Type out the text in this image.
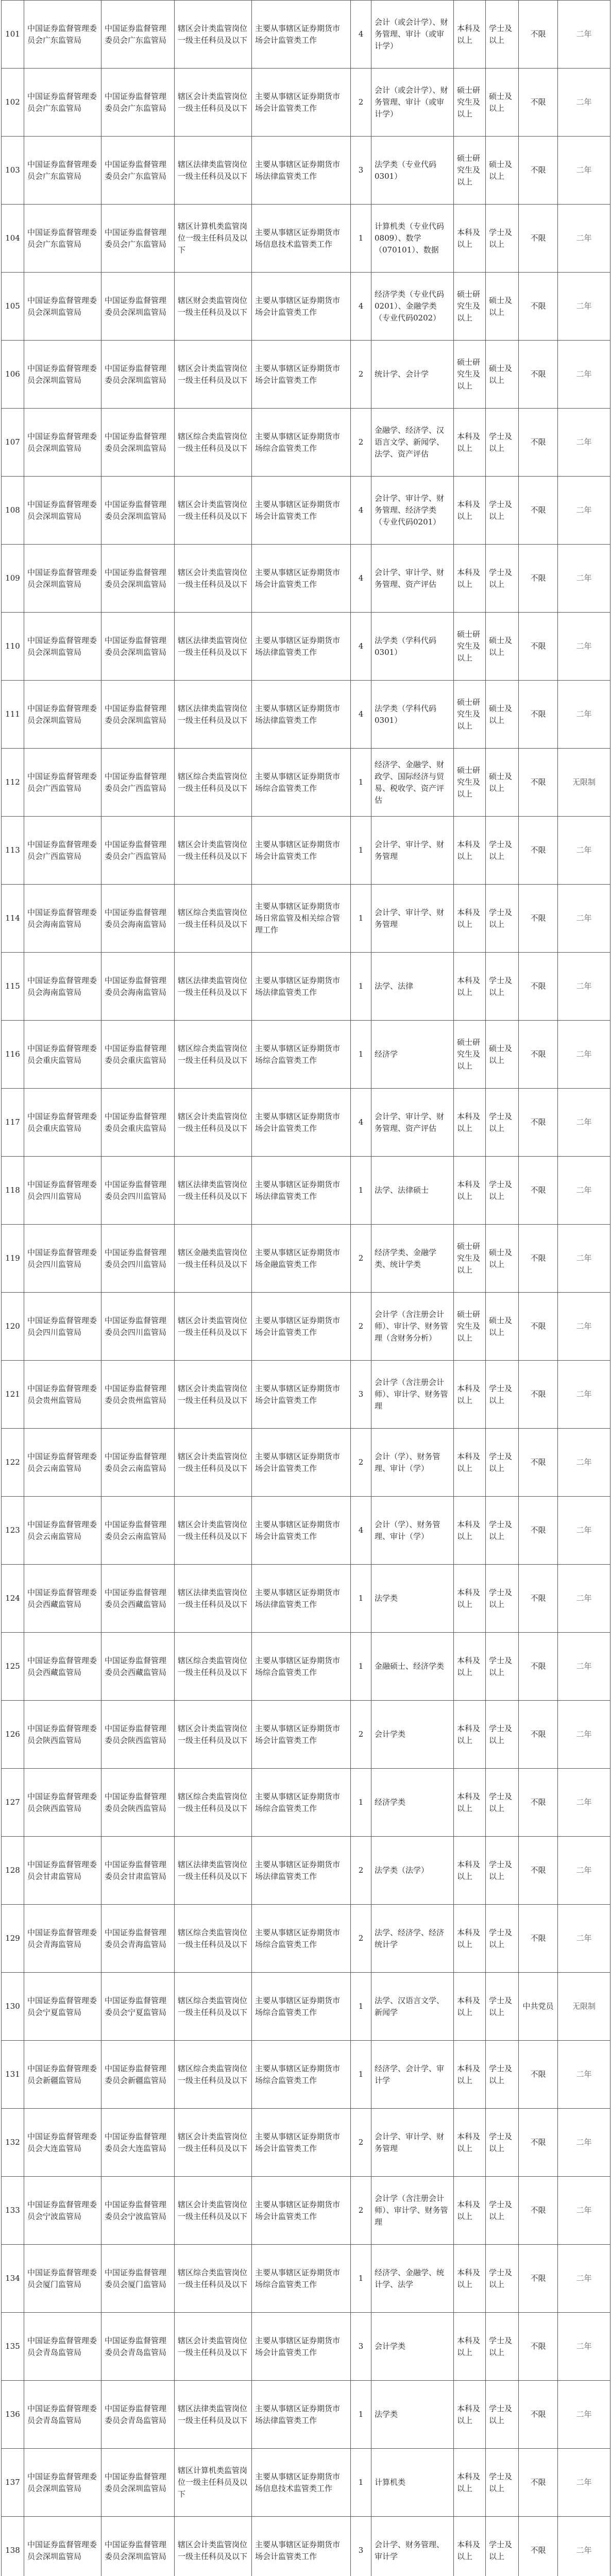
101	中国证券监督管理委员会广东监管局	中国证券监督管理委员会广东监管局	辖区会计类监管岗位一级主任科员及以下	主要从事辖区证券期货市场会计监管类工作	4	会计（或会计学）、财务管理、审计（或审计学）	本科及以上	学士及以上	不限	二年
102	中国证券监督管理委员会广东监管局	中国证券监督管理委员会广东监管局	辖区会计类监管岗位一级主任科员及以下	主要从事辖区证券期货市场会计监管类工作	2	会计（或会计学）、财务管理、审计（或审计学）	硕士研究生及以上	硕士及以上	不限	二年
103	中国证券监督管理委员会广东监管局	中国证券监督管理委员会广东监管局	辖区法律类监管岗位一级主任科员及以下	主要从事辖区证券期货市场法律监管类工作	3	法学类（专业代码0301）	硕士研究生及以上	硕士及以上	不限	二年
104	中国证券监督管理委员会广东监管局	中国证券监督管理委员会广东监管局	辖区计算机类监管岗位一级主任科员及以下	主要从事辖区证券期货市场信息技术监管类工作	1	计算机类（专业代码0809）、数学（070101）、数据	本科及以上	学士及以上	不限	二年
105	中国证券监督管理委员会深圳监管局	中国证券监督管理委员会深圳监管局	辖区财会类监管岗位一级主任科员及以下	主要从事辖区证券期货市场会计监管类工作	4	经济学类（专业代码0201）、金融学类（专业代码0202）	硕士研究生及以上	硕士及以上	不限	二年
106	中国证券监督管理委员会深圳监管局	中国证券监督管理委员会深圳监管局	辖区会计类监管岗位一级主任科员及以下	主要从事辖区证券期货市场会计监管类工作	2	统计学、会计学	硕士研究生及以上	硕士及以上	不限	二年
107	中国证券监督管理委员会深圳监管局	中国证券监督管理委员会深圳监管局	辖区综合类监管岗位一级主任科员及以下	主要从事辖区证券期货市场综合监管类工作	2	金融学、经济学、汉语言文学、新闻学、法学、资产评估	本科及以上	学士及以上	不限	二年
108	中国证券监督管理委员会深圳监管局	中国证券监督管理委员会深圳监管局	辖区会计类监管岗位一级主任科员及以下	主要从事辖区证券期货市场会计监管类工作	4	会计学、审计学、财务管理、经济学类（专业代码0201）	本科及以上	学士及以上	不限	二年
109	中国证券监督管理委员会深圳监管局	中国证券监督管理委员会深圳监管局	辖区会计类监管岗位一级主任科员及以下	主要从事辖区证券期货市场会计监管类工作	4	会计学、审计学、财务管理、资产评估	本科及以上	学士及以上	不限	二年
110	中国证券监督管理委员会深圳监管局	中国证券监督管理委员会深圳监管局	辖区法律类监管岗位一级主任科员及以下	主要从事辖区证券期货市场法律监管类工作	4	法学类（学科代码0301）	硕士研究生及以上	硕士及以上	不限	二年
111	中国证券监督管理委员会深圳监管局	中国证券监督管理委员会深圳监管局	辖区法律类监管岗位一级主任科员及以下	主要从事辖区证券期货市场法律监管类工作	4	法学类（学科代码0301）	硕士研究生及以上	硕士及以上	不限	二年
112	中国证券监督管理委员会广西监管局	中国证券监督管理委员会广西监管局	辖区综合类监管岗位一级主任科员及以下	主要从事辖区证券期货市场综合监管类工作	1	经济学、金融学、财政学、国际经济与贸易、税收学、资产评估	硕士研究生及以上	硕士及以上	不限	无限制
113	中国证券监督管理委员会广西监管局	中国证券监督管理委员会广西监管局	辖区会计类监管岗位一级主任科员及以下	主要从事辖区证券期货市场会计监管类工作	1	会计学、审计学、财务管理	本科及以上	学士及以上	不限	二年
114	中国证券监督管理委员会海南监管局	中国证券监督管理委员会海南监管局	辖区综合类监管岗位一级主任科员及以下	主要从事辖区证券期货市场日常监管及相关综合管理工作	1	会计学、审计学、财务管理	本科及以上	学士及以上	不限	二年
115	中国证券监督管理委员会海南监管局	中国证券监督管理委员会海南监管局	辖区法律类监管岗位一级主任科员及以下	主要从事辖区证券期货市场法律监管类工作	1	法学、法律	本科及以上	学士及以上	不限	二年
116	中国证券监督管理委员会重庆监管局	中国证券监督管理委员会重庆监管局	辖区综合类监管岗位一级主任科员及以下	主要从事辖区证券期货市场综合监管类工作	1	经济学	硕士研究生及以上	硕士及以上	不限	二年
117	中国证券监督管理委员会重庆监管局	中国证券监督管理委员会重庆监管局	辖区会计类监管岗位一级主任科员及以下	主要从事辖区证券期货市场会计监管类工作	4	会计学、审计学、财务管理、资产评估	本科及以上	学士及以上	不限	二年
118	中国证券监督管理委员会四川监管局	中国证券监督管理委员会四川监管局	辖区法律类监管岗位一级主任科员及以下	主要从事辖区证券期货市场法律监管类工作	1	法学、法律硕士	本科及以上	学士及以上	不限	二年
119	中国证券监督管理委员会四川监管局	中国证券监督管理委员会四川监管局	辖区金融类监管岗位一级主任科员及以下	主要从事辖区证券期货市场金融监管类工作	2	经济学类、金融学类、统计学类	硕士研究生及以上	硕士及以上	不限	二年
120	中国证券监督管理委员会四川监管局	中国证券监督管理委员会四川监管局	辖区会计类监管岗位一级主任科员及以下	主要从事辖区证券期货市场会计监管类工作	2	会计学（含注册会计师）、审计学、财务管理（含财务分析）	硕士研究生及以上	硕士及以上	不限	二年
121	中国证券监督管理委员会贵州监管局	中国证券监督管理委员会贵州监管局	辖区会计类监管岗位一级主任科员及以下	主要从事辖区证券期货市场会计监管类工作	3	会计学（含注册会计师）、审计学、财务管理	本科及以上	学士及以上	不限	二年
122	中国证券监督管理委员会云南监管局	中国证券监督管理委员会云南监管局	辖区会计类监管岗位一级主任科员及以下	主要从事辖区证券期货市场会计监管类工作	2	会计（学）、财务管理、审计（学）	本科及以上	学士及以上	不限	二年
123	中国证券监督管理委员会云南监管局	中国证券监督管理委员会云南监管局	辖区会计类监管岗位一级主任科员及以下	主要从事辖区证券期货市场会计监管类工作	4	会计（学）、财务管理、审计（学）	本科及以上	学士及以上	不限	二年
124	中国证券监督管理委员会西藏监管局	中国证券监督管理委员会西藏监管局	辖区法律类监管岗位一级主任科员及以下	主要从事辖区证券期货市场法律监管类工作	1	法学类	本科及以上	学士及以上	不限	二年
125	中国证券监督管理委员会西藏监管局	中国证券监督管理委员会西藏监管局	辖区综合类监管岗位一级主任科员及以下	主要从事辖区证券期货市场综合监管类工作	1	金融硕士、经济学类	本科及以上	学士及以上	不限	二年
126	中国证券监督管理委员会陕西监管局	中国证券监督管理委员会陕西监管局	辖区会计类监管岗位一级主任科员及以下	主要从事辖区证券期货市场会计监管类工作	2	会计学类	本科及以上	学士及以上	不限	二年
127	中国证券监督管理委员会陕西监管局	中国证券监督管理委员会陕西监管局	辖区综合类监管岗位一级主任科员及以下	主要从事辖区证券期货市场综合监管类工作	1	经济学类	本科及以上	学士及以上	不限	二年
128	中国证券监督管理委员会甘肃监管局	中国证券监督管理委员会甘肃监管局	辖区法律类监管岗位一级主任科员及以下	主要从事辖区证券期货市场法律监管类工作	2	法学类（法学）	本科及以上	学士及以上	不限	二年
129	中国证券监督管理委员会青海监管局	中国证券监督管理委员会青海监管局	辖区综合类监管岗位一级主任科员及以下	主要从事辖区证券期货市场综合监管类工作	2	法学、经济学、经济统计学	本科及以上	学士及以上	不限	二年
130	中国证券监督管理委员会宁夏监管局	中国证券监督管理委员会宁夏监管局	辖区综合类监管岗位一级主任科员及以下	主要从事辖区证券期货市场综合监管类工作	1	法学、汉语言文学、新闻学	本科及以上	学士及以上	中共党员	无限制
131	中国证券监督管理委员会新疆监管局	中国证券监督管理委员会新疆监管局	辖区综合类监管岗位一级主任科员及以下	主要从事辖区证券期货市场综合监管类工作	1	经济学、会计学、审计学	本科及以上	学士及以上	不限	二年
132	中国证券监督管理委员会大连监管局	中国证券监督管理委员会大连监管局	辖区会计类监管岗位一级主任科员及以下	主要从事辖区证券期货市场会计监管类工作	2	会计学、审计学、财务管理	本科及以上	学士及以上	不限	二年
133	中国证券监督管理委员会宁波监管局	中国证券监督管理委员会宁波监管局	辖区会计类监管岗位一级主任科员及以下	主要从事辖区证券期货市场会计监管类工作	2	会计学（含注册会计师）、审计学、财务管理	本科及以上	学士及以上	不限	二年
134	中国证券监督管理委员会厦门监管局	中国证券监督管理委员会厦门监管局	辖区综合类监管岗位一级主任科员及以下	主要从事辖区证券期货市场综合监管类工作	1	经济学、金融学、统计学、法学	本科及以上	学士及以上	不限	二年
135	中国证券监督管理委员会青岛监管局	中国证券监督管理委员会青岛监管局	辖区会计类监管岗位一级主任科员及以下	主要从事辖区证券期货市场会计监管类工作	3	会计学类	本科及以上	学士及以上	不限	二年
136	中国证券监督管理委员会青岛监管局	中国证券监督管理委员会青岛监管局	辖区法律类监管岗位一级主任科员及以下	主要从事辖区证券期货市场法律监管类工作	1	法学类	本科及以上	学士及以上	不限	二年
137	中国证券监督管理委员会深圳监管局	中国证券监督管理委员会深圳监管局	辖区计算机类监管岗位一级主任科员及以下	主要从事辖区证券期货市场信息技术监管类工作	1	计算机类	本科及以上	学士及以上	不限	二年
138	中国证券监督管理委员会深圳监管局	中国证券监督管理委员会深圳监管局	辖区会计类监管岗位一级主任科员及以下	主要从事辖区证券期货市场会计监管类工作	3	会计学、财务管理、审计学	本科及以上	学士及以上	不限	二年
